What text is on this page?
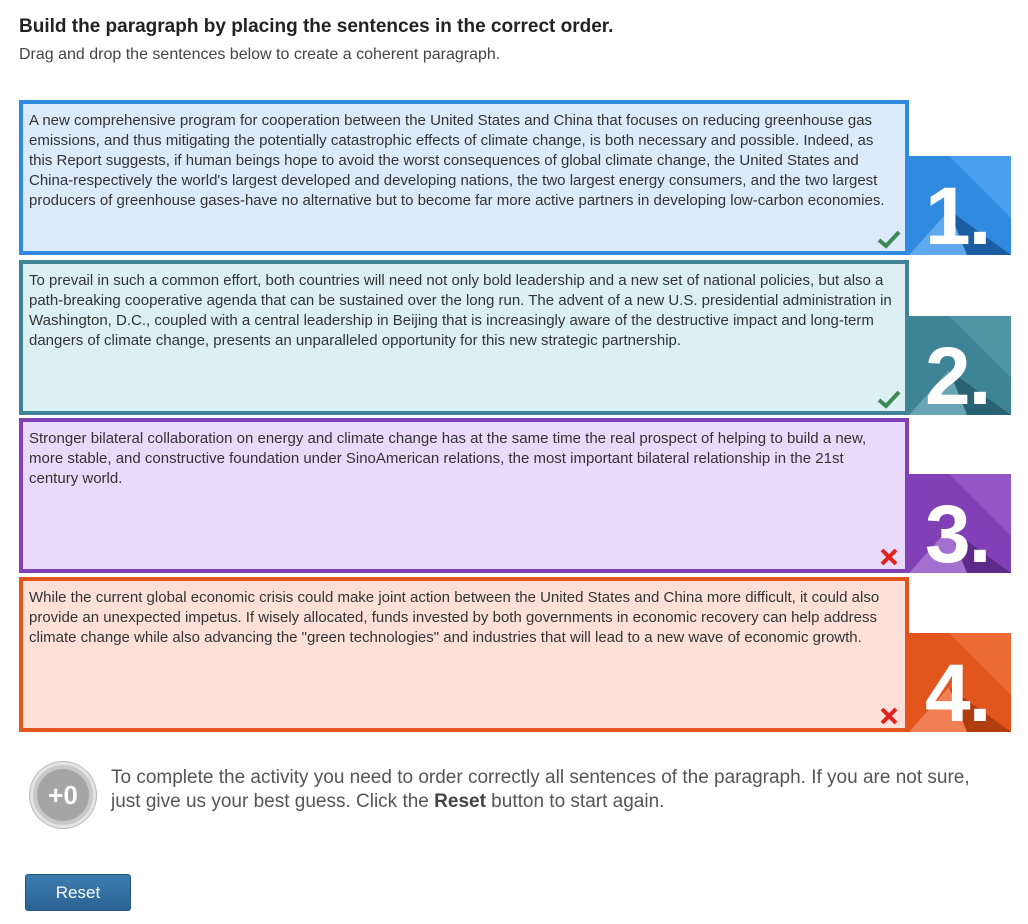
Build the paragraph by placing the sentences in the correct order.
Drag and drop the sentences below to create a coherent paragraph.
A new comprehensive program for cooperation between the United States and China that focuses on reducing greenhouse gas emissions, and thus mitigating the potentially catastrophic effects of climate change, is both necessary and possible. Indeed, as this Report suggests, if human beings hope to avoid the worst consequences of global climate change, the United States and China-respectively the world's largest developed and developing nations, the two largest energy consumers, and the two largest producers of greenhouse gases-have no alternative but to become far more active partners in developing low-carbon economies. 1.
To prevail in such a common effort, both countries will need not only bold leadership and a new set of national policies, but also a path-breaking cooperative agenda that can be sustained over the long run. The advent of a new U.S. presidential administration in Washington, D.C., coupled with a central leadership in Beijing that is increasingly aware of the destructive impact and long-term dangers of climate change, presents an unparalleled opportunity for this new strategic partnership.	2.
Stronger bilateral collaboration on energy and climate change has at the same time the real prospect of helping to build a new, more stable, and constructive foundation under SinoAmerican relations, the most important bilateral relationship in the 21st century world.
3.
While the current global economic crisis could make joint action between the United States and China more difficult, it could also provide an unexpected impetus. If wisely allocated, funds invested by both governments in economic recovery can help address climate change while also advancing the "green technologies" and industries that will lead to a new wave of economic growth.
4.
+0
To complete the activity you need to order correctly all sentences of the paragraph. If you are not sure, just give us your best guess. Click the Reset button to start again.
Reset
